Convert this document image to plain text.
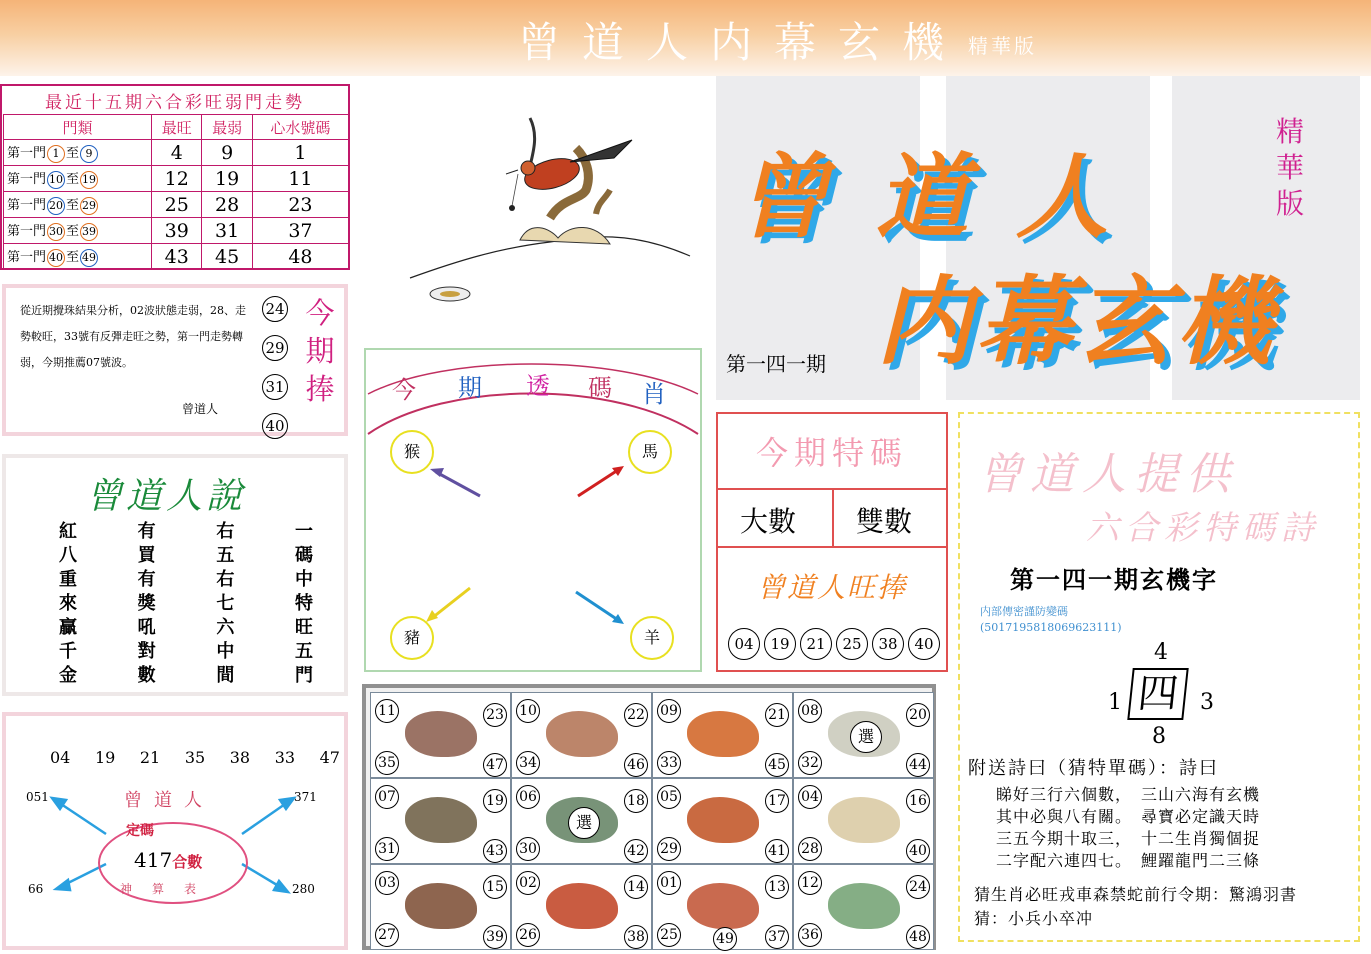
曾道人内幕玄機 精華版
最近十五期六合彩旺弱門走勢
門類	最旺	最弱	心水號碼
第一門 1 至 9	4	9	1
第一門 10 至 19	12	19	11
第一門 20 至 29	25	28	23
第一門 30 至 39	39	31	37
第一門 40 至 49	43	45	48
從近期攪珠結果分析，02波狀態走弱，28、走勢較旺，33號有反彈走旺之勢，第一門走勢轉弱，今期推薦07號波。
曾道人
24
29
31
40
今期捧
曾道人說
紅八重來贏千金
有買有獎吼對數
右五右七六中間
一碼中特旺五門
04 19 21 35 38 33 47
曾道人
定碼
417合數
神算表
051	371
66	280
今 期 透 碼 肖
猴	馬
豬	羊
曾道人
内幕玄機
精華版
第一四一期
今期特碼
大數 雙數
曾道人旺捧
04	19	21	25	38	40
曾道人提供
六合彩特碼詩
第一四一期玄機字
内部傳密謹防變碼
(5017195818069623111)
4
1 四 3
8
附送詩曰（猜特單碼）：詩曰
睇好三行六個數，　三山六海有玄機
其中必與八有關。　尋寶必定識天時
三五今期十取三，　十二生肖獨個捉
二字配六連四七。　鯉躍龍門二三條
猜生肖必旺戎車森禁蛇前行令期：驚鴻羽書
猜：小兵小卒冲
11	23
35	47
10	22
34	46
09	21
33	45
選
08	20
32	44
07	19
31	43
選
06	18
30	42
05	17
29	41
04	16
28	40
03	15
27	39
02	14
26	38
01	13
25	37
49
12	24
36	48
